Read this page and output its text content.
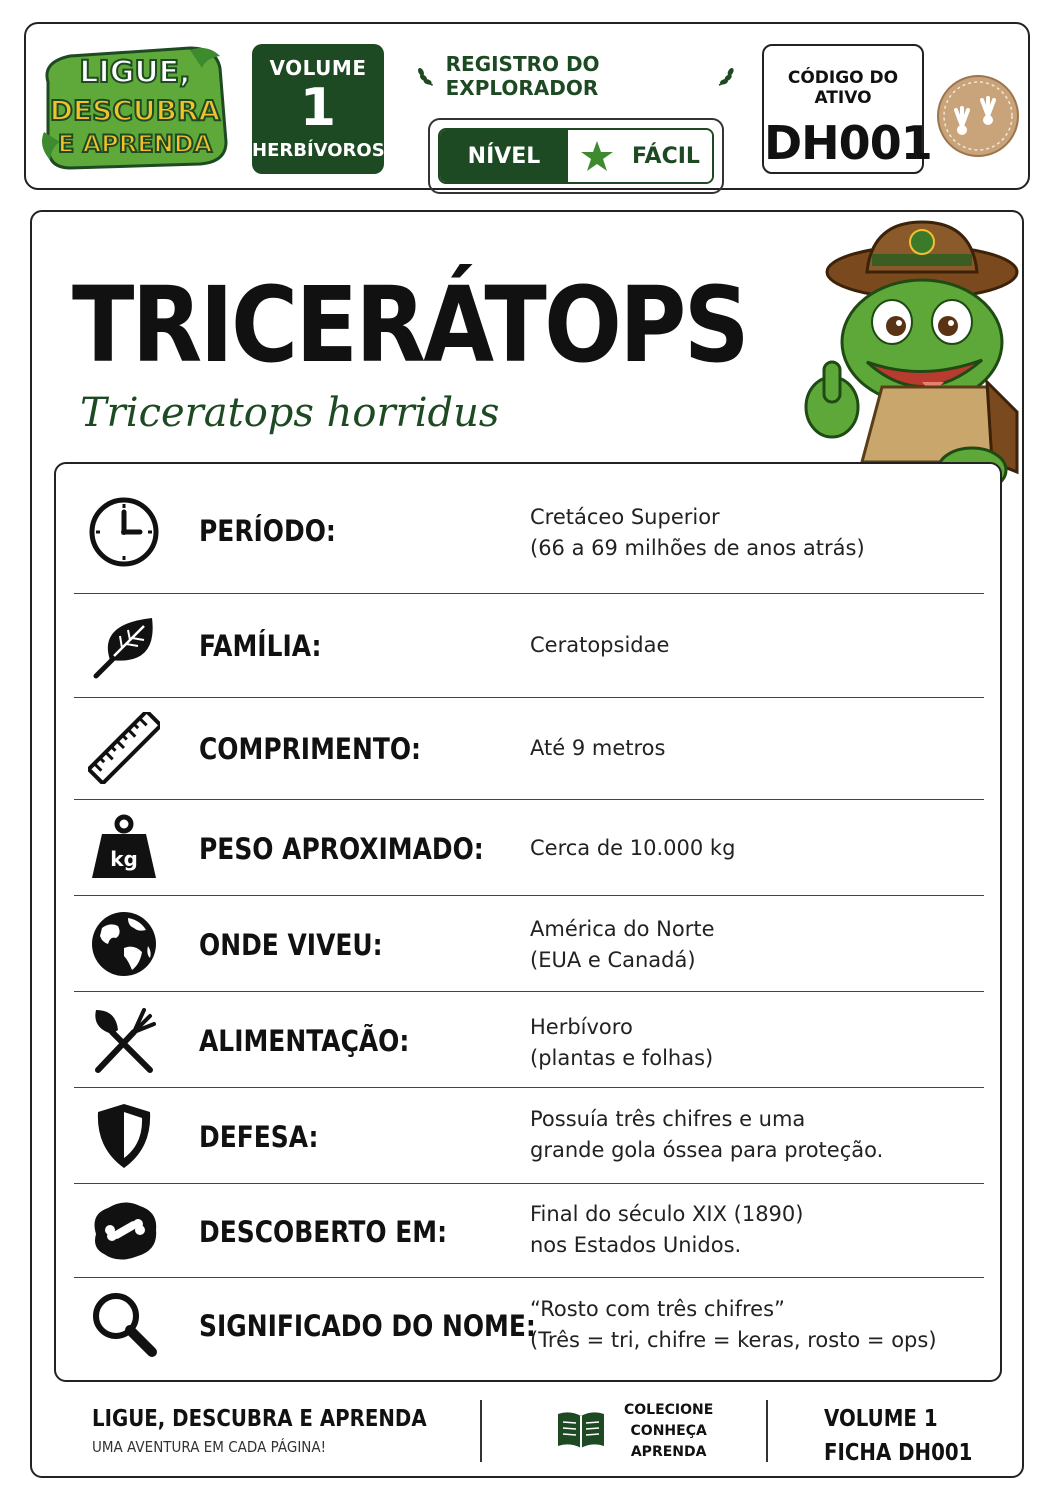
LIGUE,
DESCUBRA
E APRENDA
VOLUME
1
HERBÍVOROS
REGISTRO DO EXPLORADOR
NÍVEL	FÁCIL
CÓDIGO DO ATIVO
DH001
TRICERÁTOPS
Triceratops horridus
PERÍODO:	Cretáceo Superior
(66 a 69 milhões de anos atrás)
FAMÍLIA:	Ceratopsidae
COMPRIMENTO:	Até 9 metros
kg PESO APROXIMADO: Cerca de 10.000 kg
ONDE VIVEU:	América do Norte
(EUA e Canadá)
ALIMENTAÇÃO:	Herbívoro
(plantas e folhas)
DEFESA:
Possuía três chifres e uma
grande gola óssea para proteção.
DESCOBERTO EM:
Final do século XIX (1890)
nos Estados Unidos.
SIGNIFICADO DO NOME:
“Rosto com três chifres”
(Três = tri, chifre = keras, rosto = ops)
LIGUE, DESCUBRA E APRENDA
UMA AVENTURA EM CADA PÁGINA!
COLECIONE
CONHEÇA
APRENDA
VOLUME 1
FICHA DH001
